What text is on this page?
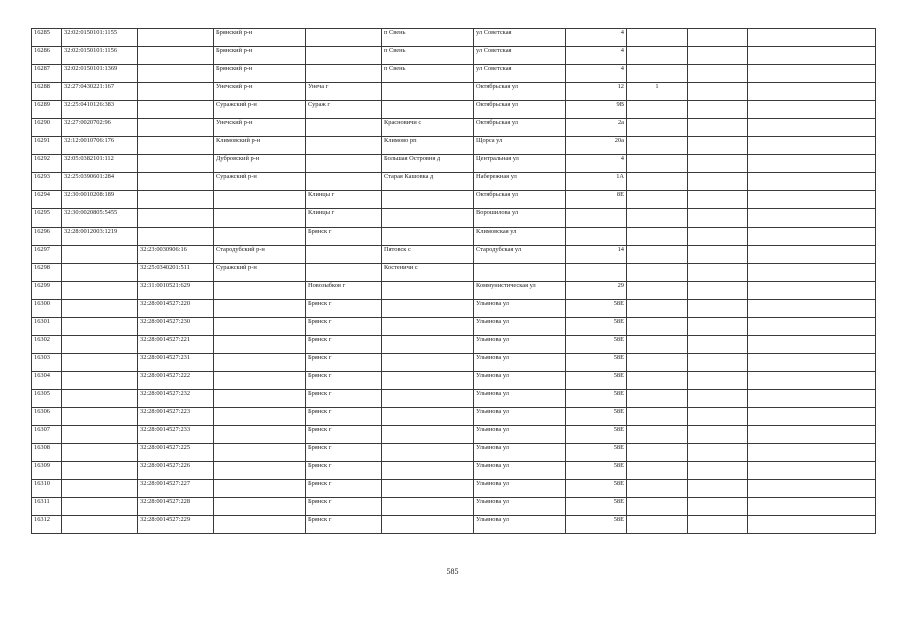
16285	32:02:0150101:1155		Брянский р-н		п Свень	ул Советская	4			
16286	32:02:0150101:1156		Брянский р-н		п Свень	ул Советская	4			
16287	32:02:0150101:1369		Брянский р-н		п Свень	ул Советская	4			
16288	32:27:0430221:167		Унечский р-н	Унеча г		Октябрьская ул	12	1		
16289	32:25:0410126:383		Суражский р-н	Сураж г		Октябрьская ул	9В			
16290	32:27:0020702:96		Унечский р-н		Красновичи с	Октябрьская ул	2а			
16291	32:12:0010706:176		Климовский р-н		Климово рп	Щорса ул	20а			
16292	32:05:0382101:112		Дубровский р-н		Большая Островня д	Центральная ул	4			
16293	32:25:0390601:284		Суражский р-н		Старая Кашовка д	Набережная ул	1А			
16294	32:30:0010208:189			Клинцы г		Октябрьская ул	8Е			
16295	32:30:0020805:5455			Клинцы г		Ворошилова ул				
16296	32:28:0012003:1219			Брянск г		Климовская ул				
16297		32:23:0030906:16	Стародубский р-н		Пятовск с	Стародубская ул	14			
16298		32:25:0340201:511	Суражский р-н		Костеничи с					
16299		32:31:0010521:629		Новозыбков г		Коммунистическая ул	29			
16300		32:28:0014527:220		Брянск г		Ульянова ул	58Е			
16301		32:28:0014527:230		Брянск г		Ульянова ул	58Е			
16302		32:28:0014527:221		Брянск г		Ульянова ул	58Е			
16303		32:28:0014527:231		Брянск г		Ульянова ул	58Е			
16304		32:28:0014527:222		Брянск г		Ульянова ул	58Е			
16305		32:28:0014527:232		Брянск г		Ульянова ул	58Е			
16306		32:28:0014527:223		Брянск г		Ульянова ул	58Е			
16307		32:28:0014527:233		Брянск г		Ульянова ул	58Е			
16308		32:28:0014527:225		Брянск г		Ульянова ул	58Е			
16309		32:28:0014527:226		Брянск г		Ульянова ул	58Е			
16310		32:28:0014527:227		Брянск г		Ульянова ул	58Е			
16311		32:28:0014527:228		Брянск г		Ульянова ул	58Е			
16312		32:28:0014527:229		Брянск г		Ульянова ул	58Е			
585
